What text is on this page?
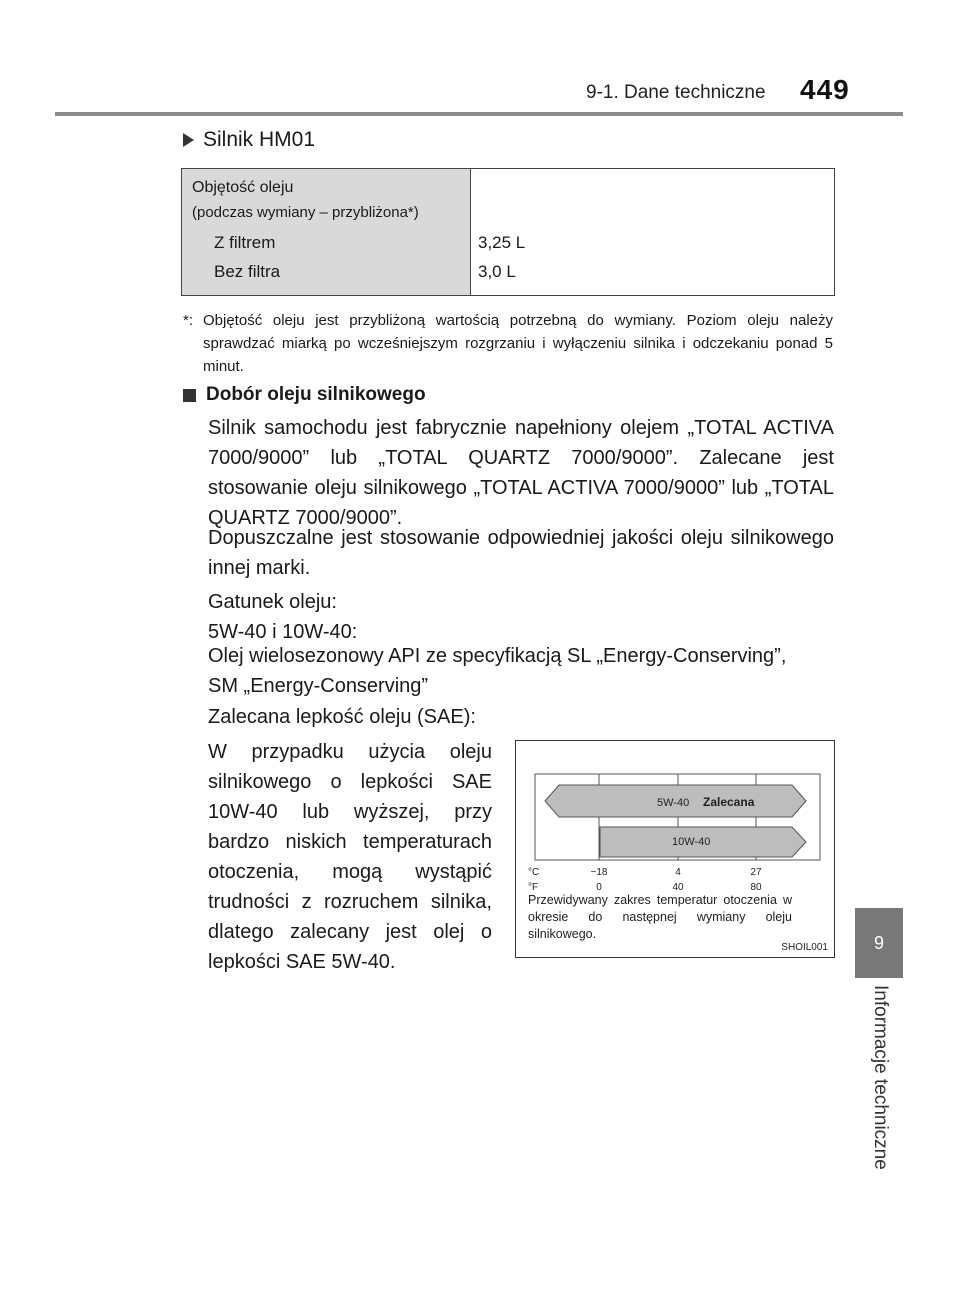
9-1. Dane techniczne 449
9
Informacje techniczne
Silnik HM01
Objętość oleju
(podczas wymiany – przybliżona*)
Z filtrem	3,25 L
Bez filtra	3,0 L
*: Objętość oleju jest przybliżoną wartością potrzebną do wymiany. Poziom oleju należy sprawdzać miarką po wcześniejszym rozgrzaniu i wyłączeniu silnika i odczekaniu ponad 5 minut.
Dobór oleju silnikowego
Silnik samochodu jest fabrycznie napełniony olejem „TOTAL ACTIVA 7000/9000” lub „TOTAL QUARTZ 7000/9000”. Zalecane jest stosowanie oleju silnikowego „TOTAL ACTIVA 7000/9000” lub „TOTAL QUARTZ 7000/9000”.
Dopuszczalne jest stosowanie odpowiedniej jakości oleju silnikowego innej marki.
Gatunek oleju:
5W-40 i 10W-40:
Olej wielosezonowy API ze specyfikacją SL „Energy-Conserving”,
SM „Energy-Conserving”
Zalecana lepkość oleju (SAE):
W przypadku użycia oleju silnikowego o lepkości SAE 10W-40 lub wyższej, przy bardzo niskich temperaturach otoczenia, mogą wystąpić trudności z rozruchem silnika, dlatego zalecany jest olej o lepkości SAE 5W-40.
5W-40 Zalecana
10W-40
°C
°F
−18	4	27
0	40	80
Przewidywany zakres temperatur otoczenia w okresie do następnej wymiany oleju silnikowego.
SHOIL001
